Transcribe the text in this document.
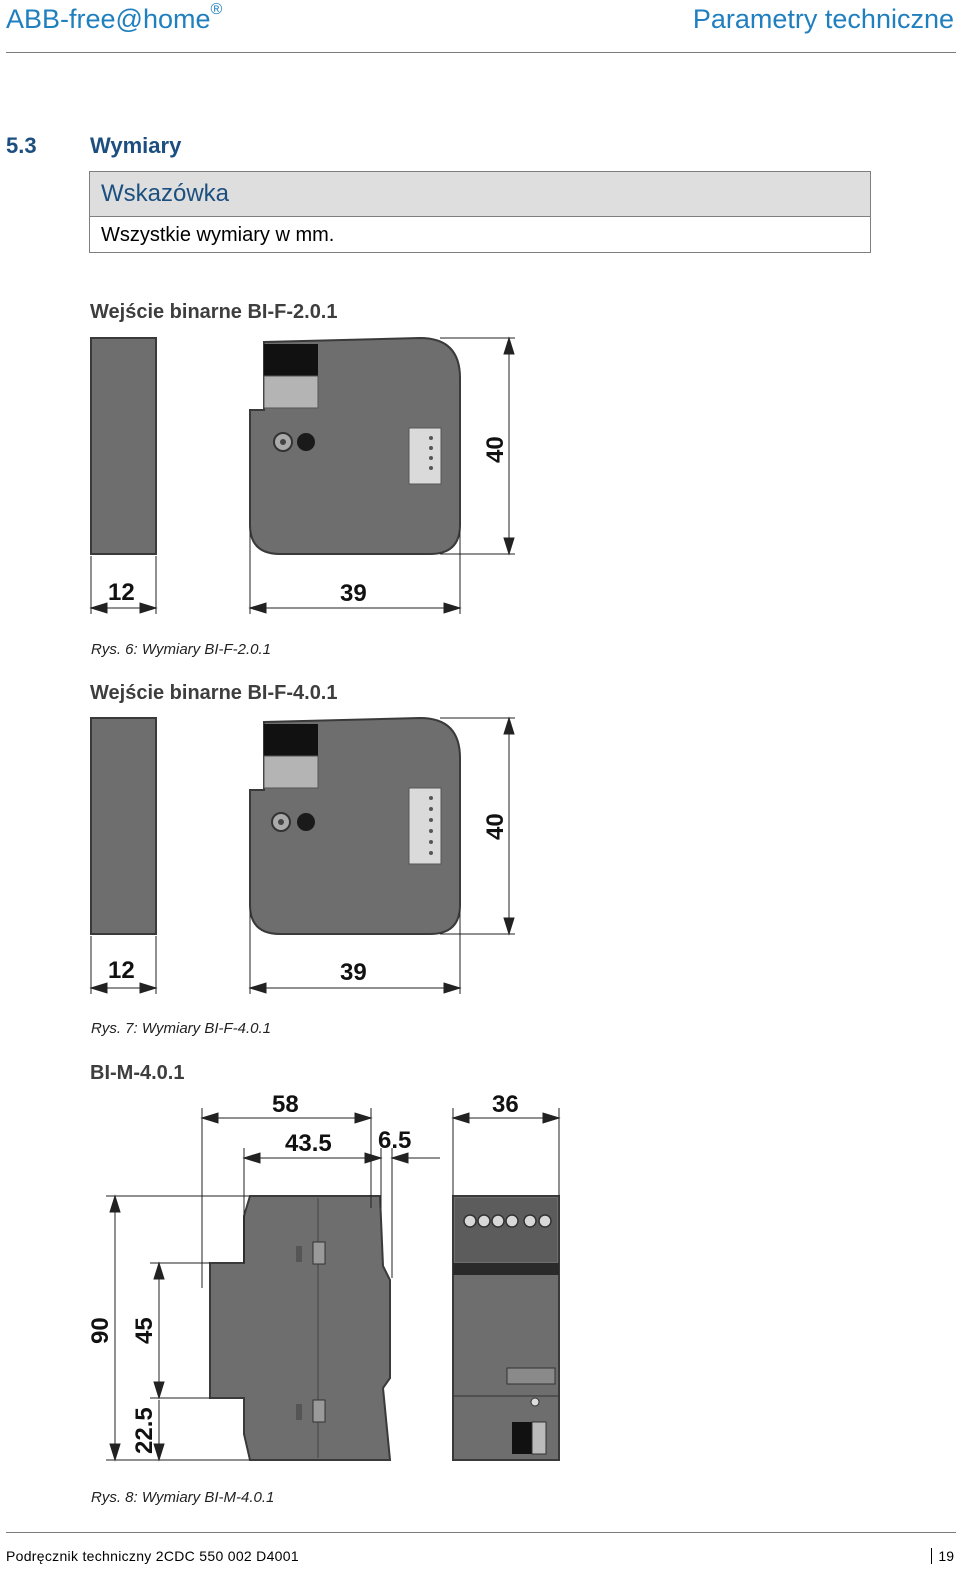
ABB-free@home®	Parametry techniczne
5.3 Wymiary
Wskazówka
Wszystkie wymiary w mm.
Wejście binarne BI-F-2.0.1
12	39
40
Rys. 6: Wymiary BI-F-2.0.1
Wejście binarne BI-F-4.0.1
12	39
40
Rys. 7: Wymiary BI-F-4.0.1
BI-M-4.0.1
58
43.5 6.5
36
90 45
22.5
Rys. 8: Wymiary BI-M-4.0.1
Podręcznik techniczny 2CDC 550 002 D4001	19
